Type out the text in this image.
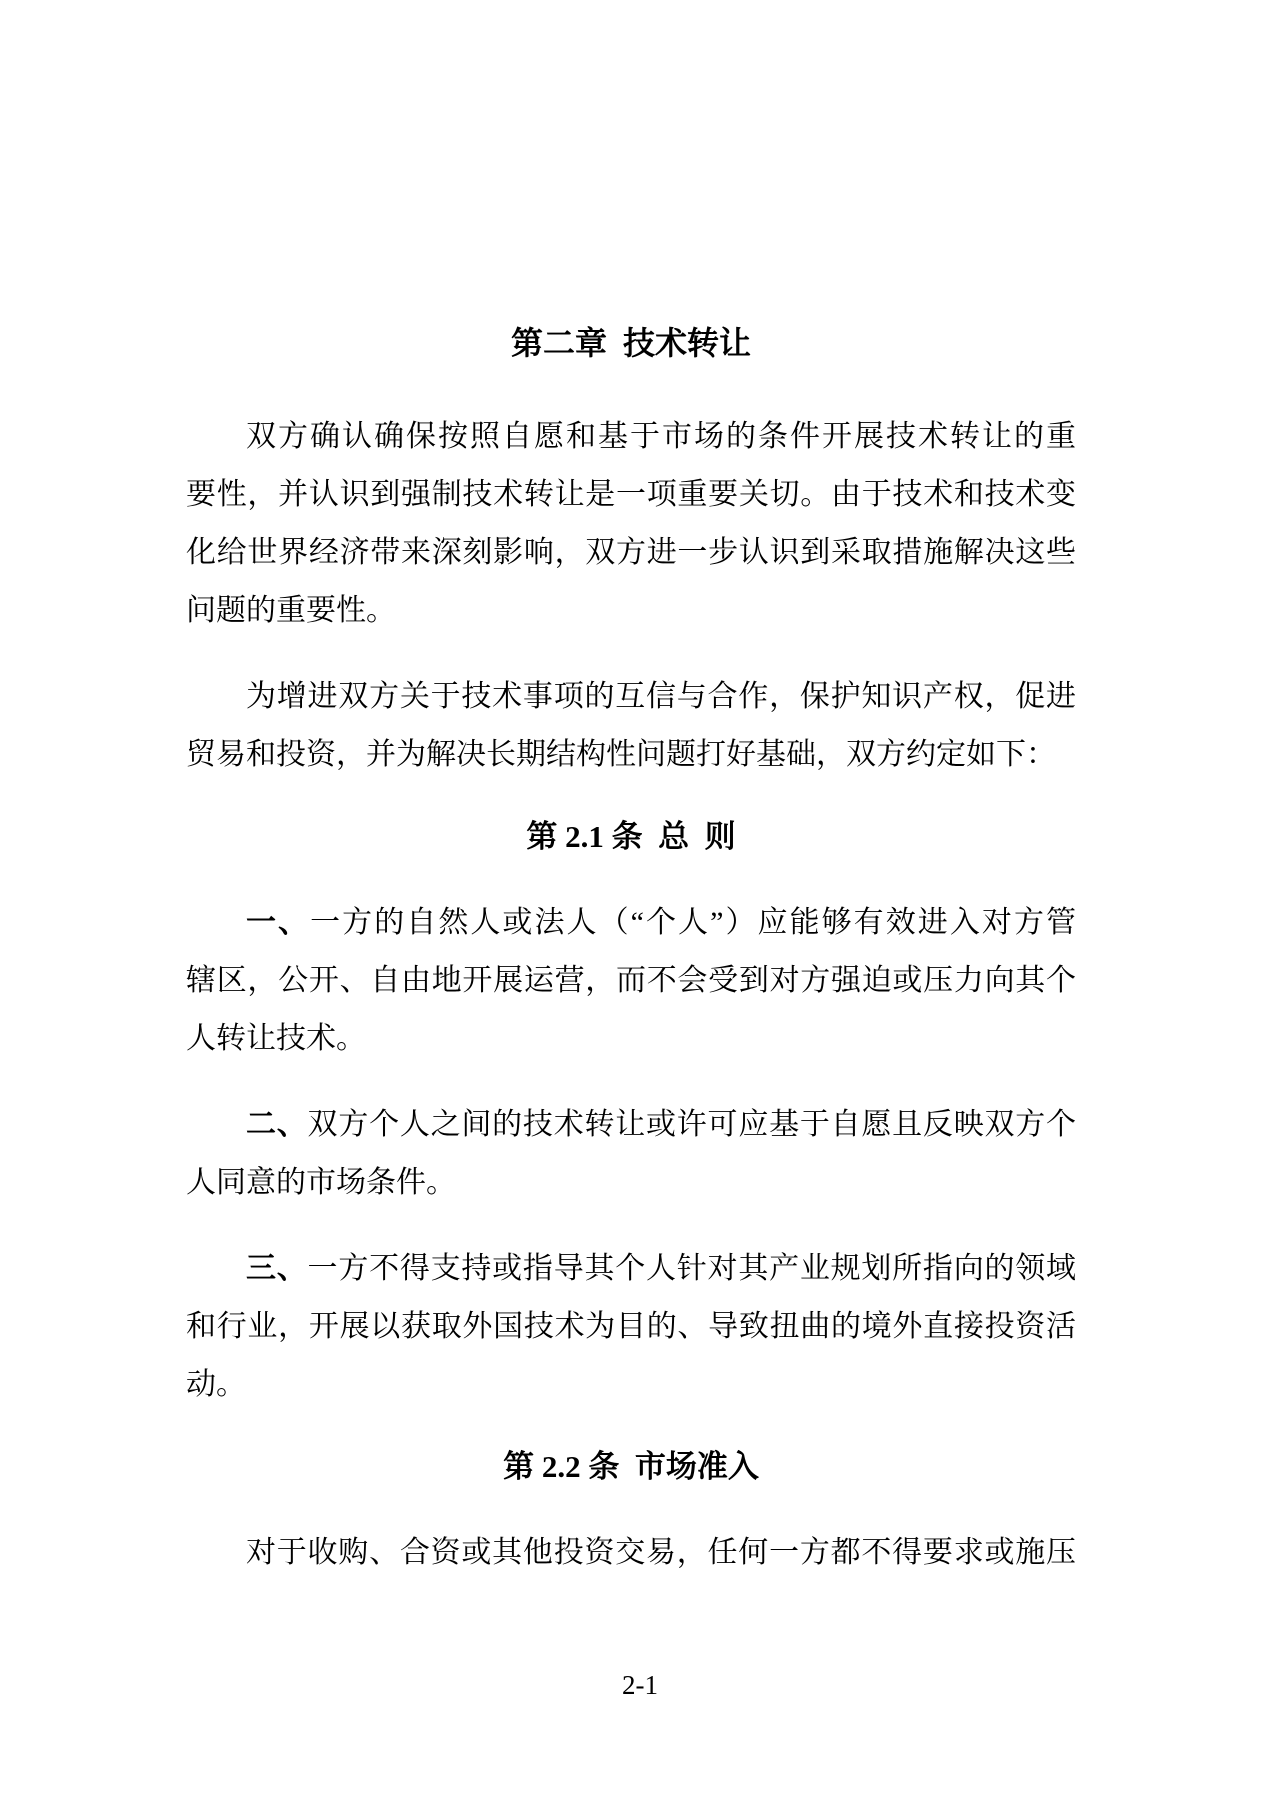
第二章  技术转让
双方确认确保按照自愿和基于市场的条件开展技术转让的重
要性，并认识到强制技术转让是一项重要关切。由于技术和技术变
化给世界经济带来深刻影响，双方进一步认识到采取措施解决这些
问题的重要性。
为增进双方关于技术事项的互信与合作，保护知识产权，促进
贸易和投资，并为解决长期结构性问题打好基础，双方约定如下：
第 2.1 条  总  则
一、一方的自然人或法人（“个人”）应能够有效进入对方管
辖区，公开、自由地开展运营，而不会受到对方强迫或压力向其个
人转让技术。
二、双方个人之间的技术转让或许可应基于自愿且反映双方个
人同意的市场条件。
三、一方不得支持或指导其个人针对其产业规划所指向的领域
和行业，开展以获取外国技术为目的、导致扭曲的境外直接投资活
动。
第 2.2 条  市场准入
对于收购、合资或其他投资交易，任何一方都不得要求或施压
2-1
